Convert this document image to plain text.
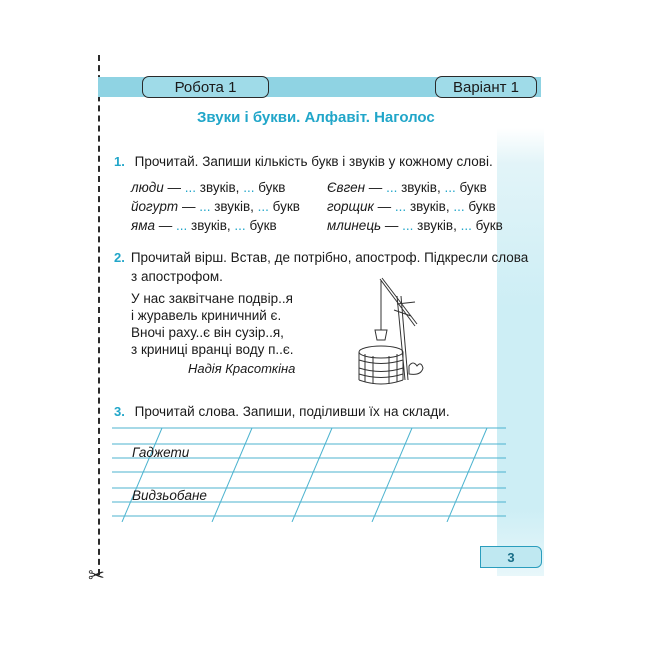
✂
Робота 1	Варіант 1
Звуки і букви. Алфавіт. Наголос
1. Прочитай. Запиши кількість букв і звуків у кожному слові.
люди — ... звуків, ... букв
йогурт — ... звуків, ... букв
яма — ... звуків, ... букв
Євген — ... звуків, ... букв
горщик — ... звуків, ... букв
млинець — ... звуків, ... букв
2. Прочитай вірш. Встав, де потрібно, апостроф. Підкресли слова
з апострофом.
У нас заквітчане подвір..я
і журавель криничний є.
Вночі раху..є він сузір..я,
з криниці вранці воду п..є.
Надія Красоткіна
3. Прочитай слова. Запиши, поділивши їх на склади.
Гаджети
Видзьобане
3
